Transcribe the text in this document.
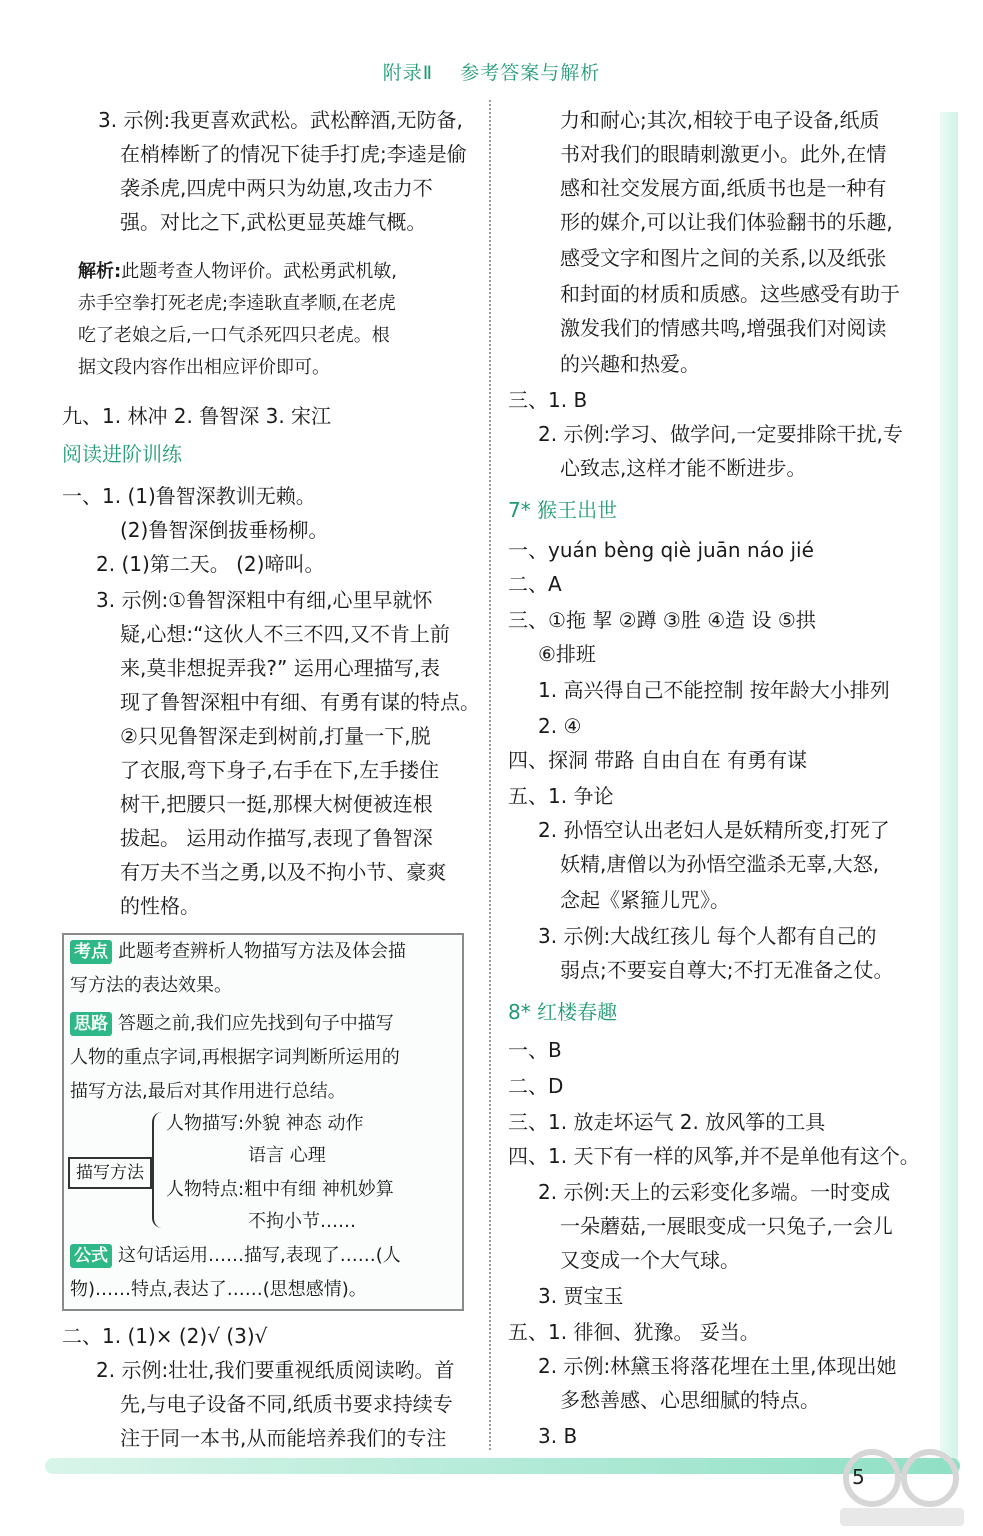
附录Ⅱ 参考答案与解析
3. 示例:我更喜欢武松。武松醉酒,无防备,
在梢棒断了的情况下徒手打虎;李逵是偷
袭杀虎,四虎中两只为幼崽,攻击力不
强。对比之下,武松更显英雄气概。
解析:此题考查人物评价。武松勇武机敏,
赤手空拳打死老虎;李逵耿直孝顺,在老虎
吃了老娘之后,一口气杀死四只老虎。根
据文段内容作出相应评价即可。
九、1. 林冲 2. 鲁智深 3. 宋江
阅读进阶训练
一、1. (1)鲁智深教训无赖。
(2)鲁智深倒拔垂杨柳。
2. (1)第二天。 (2)啼叫。
3. 示例:①鲁智深粗中有细,心里早就怀
疑,心想:“这伙人不三不四,又不肯上前
来,莫非想捉弄我?” 运用心理描写,表
现了鲁智深粗中有细、有勇有谋的特点。
②只见鲁智深走到树前,打量一下,脱
了衣服,弯下身子,右手在下,左手搂住
树干,把腰只一挺,那棵大树便被连根
拔起。 运用动作描写,表现了鲁智深
有万夫不当之勇,以及不拘小节、豪爽
的性格。
考点 此题考查辨析人物描写方法及体会描
写方法的表达效果。
思路 答题之前,我们应先找到句子中描写
人物的重点字词,再根据字词判断所运用的
描写方法,最后对其作用进行总结。
描写方法
人物描写:外貌 神态 动作
语言 心理
人物特点:粗中有细 神机妙算
不拘小节……
公式 这句话运用……描写,表现了……(人
物)……特点,表达了……(思想感情)。
二、1. (1)× (2)√ (3)√
2. 示例:壮壮,我们要重视纸质阅读哟。首
先,与电子设备不同,纸质书要求持续专
注于同一本书,从而能培养我们的专注
力和耐心;其次,相较于电子设备,纸质
书对我们的眼睛刺激更小。此外,在情
感和社交发展方面,纸质书也是一种有
形的媒介,可以让我们体验翻书的乐趣,
感受文字和图片之间的关系,以及纸张
和封面的材质和质感。这些感受有助于
激发我们的情感共鸣,增强我们对阅读
的兴趣和热爱。
三、1. B
2. 示例:学习、做学问,一定要排除干扰,专
心致志,这样才能不断进步。
7* 猴王出世
一、yuán bèng qiè juān náo jié
二、A
三、①拖 挈 ②蹲 ③胜 ④造 设 ⑤拱
⑥排班
1. 高兴得自己不能控制 按年龄大小排列
2. ④
四、探洞 带路 自由自在 有勇有谋
五、1. 争论
2. 孙悟空认出老妇人是妖精所变,打死了
妖精,唐僧以为孙悟空滥杀无辜,大怒,
念起《紧箍儿咒》。
3. 示例:大战红孩儿 每个人都有自己的
弱点;不要妄自尊大;不打无准备之仗。
8* 红楼春趣
一、B
二、D
三、1. 放走坏运气 2. 放风筝的工具
四、1. 天下有一样的风筝,并不是单他有这个。
2. 示例:天上的云彩变化多端。一时变成
一朵蘑菇,一展眼变成一只兔子,一会儿
又变成一个大气球。
3. 贾宝玉
五、1. 徘徊、犹豫。 妥当。
2. 示例:林黛玉将落花埋在土里,体现出她
多愁善感、心思细腻的特点。
3. B
5
